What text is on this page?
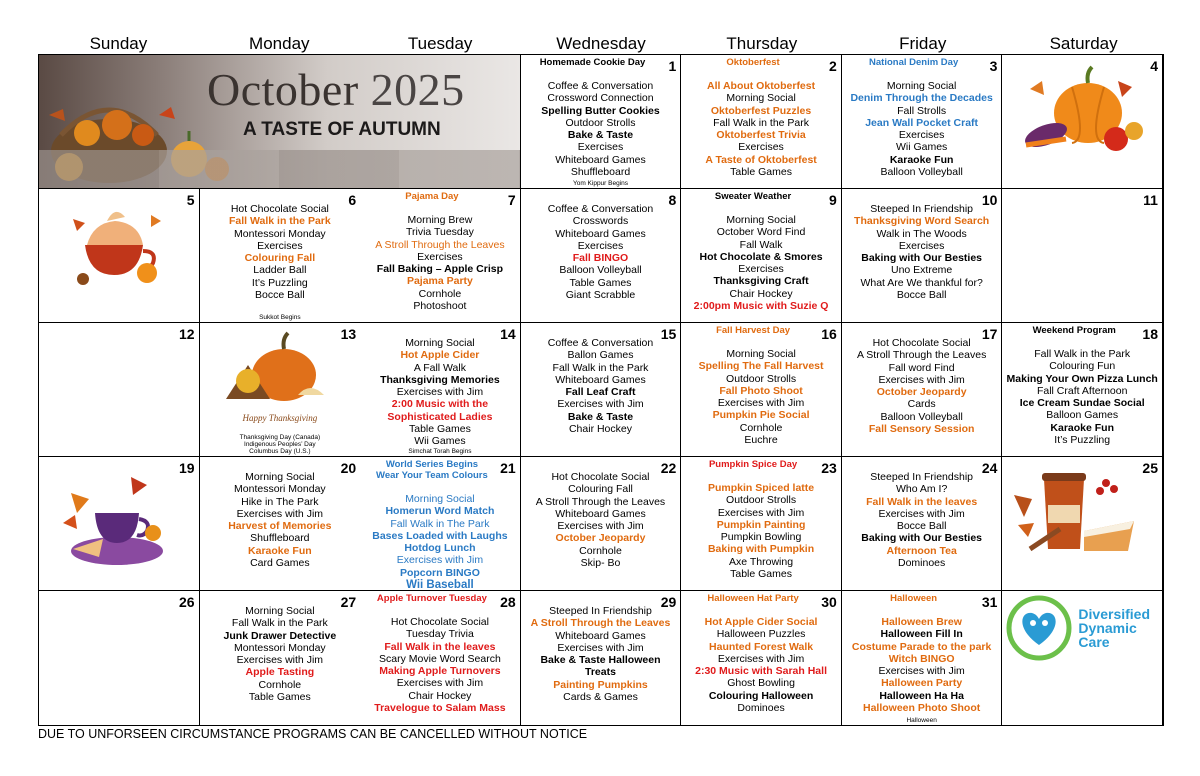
Sunday	Monday	Tuesday	Wednesday	Thursday	Friday	Saturday
October 2025
A TASTE OF AUTUMN
Homemade Cookie Day	1
Coffee & Conversation
Crossword Connection
Spelling Butter Cookies
Outdoor Strolls
Bake & Taste
Exercises
Whiteboard Games
Shuffleboard
Yom Kippur Begins
Oktoberfest	2
All About Oktoberfest
Morning Social
Oktoberfest Puzzles
Fall Walk in the Park
Oktoberfest Trivia
Exercises
A Taste of Oktoberfest
Table Games
National Denim Day	3
Morning Social
Denim Through the Decades
Fall Strolls
Jean Wall Pocket Craft
Exercises
Wii Games
Karaoke Fun
Balloon Volleyball
4
5	6
Hot Chocolate Social
Fall Walk in the Park
Montessori Monday
Exercises
Colouring Fall
Ladder Ball
It’s Puzzling
Bocce Ball
Sukkot Begins
Pajama Day	7
Morning Brew
Trivia Tuesday
A Stroll Through the Leaves
Exercises
Fall Baking – Apple Crisp
Pajama Party
Cornhole
Photoshoot
8
Coffee & Conversation
Crosswords
Whiteboard Games
Exercises
Fall BINGO
Balloon Volleyball
Table Games
Giant Scrabble
Sweater Weather	9
Morning Social
October Word Find
Fall Walk
Hot Chocolate & Smores
Exercises
Thanksgiving Craft
Chair Hockey
2:00pm Music with Suzie Q
10
Steeped In Friendship
Thanksgiving Word Search
Walk in The Woods
Exercises
Baking with Our Besties
Uno Extreme
What Are We thankful for?
Bocce Ball
11
12	13
Happy Thanksgiving
Thanksgiving Day (Canada)
Indigenous Peoples’ Day
Columbus Day (U.S.)
14
Morning Social
Hot Apple Cider
A Fall Walk
Thanksgiving Memories
Exercises with Jim
2:00 Music with the
Sophisticated Ladies
Table Games
Wii Games
Simchat Torah Begins
15
Coffee & Conversation
Ballon Games
Fall Walk in the Park
Whiteboard Games
Fall Leaf Craft
Exercises with Jim
Bake & Taste
Chair Hockey
Fall Harvest Day	16
Morning Social
Spelling The Fall Harvest
Outdoor Strolls
Fall Photo Shoot
Exercises with Jim
Pumpkin Pie Social
Cornhole
Euchre
17
Hot Chocolate Social
A Stroll Through the Leaves
Fall word Find
Exercises with Jim
October Jeopardy
Cards
Balloon Volleyball
Fall Sensory Session
Weekend Program	18
Fall Walk in the Park
Colouring Fun
Making Your Own Pizza Lunch
Fall Craft Afternoon
Ice Cream Sundae Social
Balloon Games
Karaoke Fun
It’s Puzzling
19	20
Morning Social
Montessori Monday
Hike in The Park
Exercises with Jim
Harvest of Memories
Shuffleboard
Karaoke Fun
Card Games
World Series Begins
Wear Your Team Colours 21
Morning Social
Homerun Word Match
Fall Walk in The Park
Bases Loaded with Laughs
Hotdog Lunch
Exercises with Jim
Popcorn BINGO
Wii Baseball
22
Hot Chocolate Social
Colouring Fall
A Stroll Through the Leaves
Whiteboard Games
Exercises with Jim
October Jeopardy
Cornhole
Skip- Bo
Pumpkin Spice Day	23
Pumpkin Spiced latte
Outdoor Strolls
Exercises with Jim
Pumpkin Painting
Pumpkin Bowling
Baking with Pumpkin
Axe Throwing
Table Games
24
Steeped In Friendship
Who Am I?
Fall Walk in the leaves
Exercises with Jim
Bocce Ball
Baking with Our Besties
Afternoon Tea
Dominoes
25
26	27
Morning Social
Fall Walk in the Park
Junk Drawer Detective
Montessori Monday
Exercises with Jim
Apple Tasting
Cornhole
Table Games
Apple Turnover Tuesday 28
Hot Chocolate Social
Tuesday Trivia
Fall Walk in the leaves
Scary Movie Word Search
Making Apple Turnovers
Exercises with Jim
Chair Hockey
Travelogue to Salam Mass
29
Steeped In Friendship
A Stroll Through the Leaves
Whiteboard Games
Exercises with Jim
Bake & Taste Halloween
Treats
Painting Pumpkins
Cards & Games
Halloween Hat Party	30
Hot Apple Cider Social
Halloween Puzzles
Haunted Forest Walk
Exercises with Jim
2:30 Music with Sarah Hall
Ghost Bowling
Colouring Halloween
Dominoes
Halloween	31
Halloween Brew
Halloween Fill In
Costume Parade to the park
Witch BINGO
Exercises with Jim
Halloween Party
Halloween Ha Ha
Halloween Photo Shoot
Halloween
Diversified
Dynamic
Care
DUE TO UNFORSEEN CIRCUMSTANCE PROGRAMS CAN BE CANCELLED WITHOUT NOTICE
